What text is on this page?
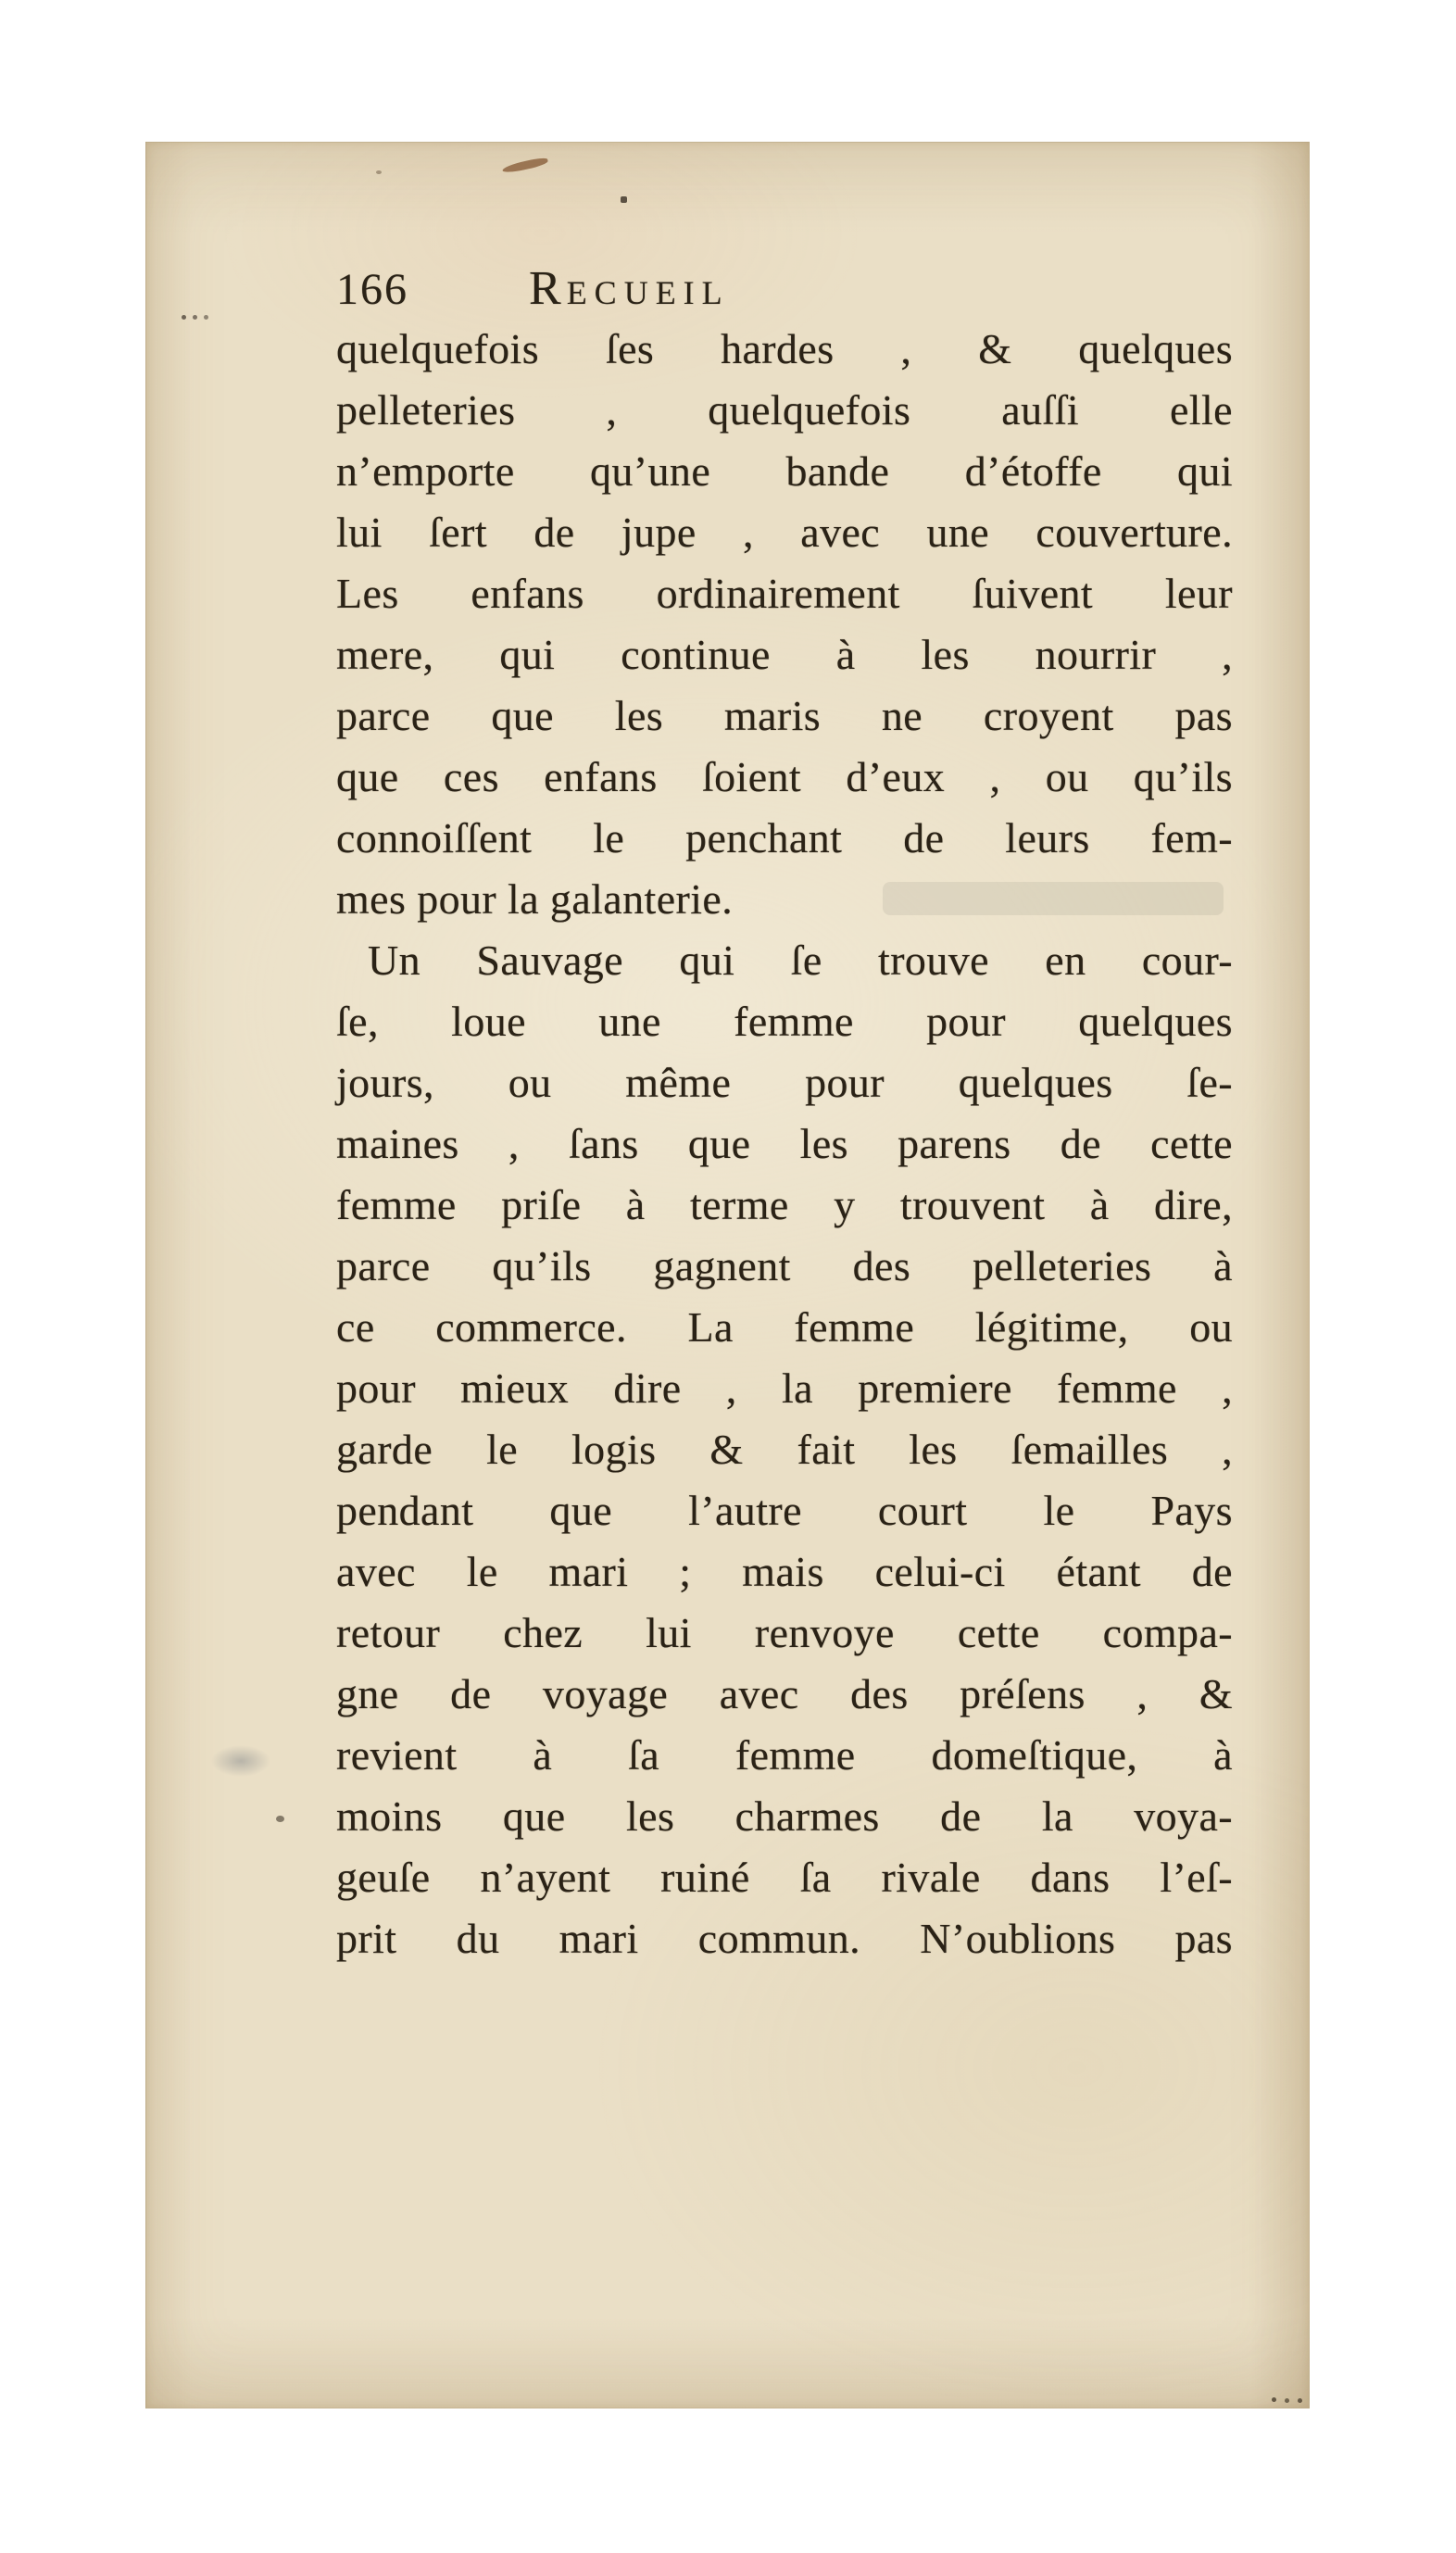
166	RECUEIL
quelquefois ſes hardes , & quelques
pelleteries , quelquefois auſſi elle
n’emporte qu’une bande d’étoffe qui
lui ſert de jupe , avec une couverture.
Les enfans ordinairement ſuivent leur
mere, qui continue à les nourrir ,
parce que les maris ne croyent pas
que ces enfans ſoient d’eux , ou qu’ils
connoiſſent le penchant de leurs fem-
mes pour la galanterie.
Un Sauvage qui ſe trouve en cour-
ſe, loue une femme pour quelques
jours, ou même pour quelques ſe-
maines , ſans que les parens de cette
femme priſe à terme y trouvent à dire,
parce qu’ils gagnent des pelleteries à
ce commerce. La femme légitime, ou
pour mieux dire , la premiere femme ,
garde le logis & fait les ſemailles ,
pendant que l’autre court le Pays
avec le mari ; mais celui-ci étant de
retour chez lui renvoye cette compa-
gne de voyage avec des préſens , &
revient à ſa femme domeſtique, à
moins que les charmes de la voya-
geuſe n’ayent ruiné ſa rivale dans l’eſ-
prit du mari commun. N’oublions pas
